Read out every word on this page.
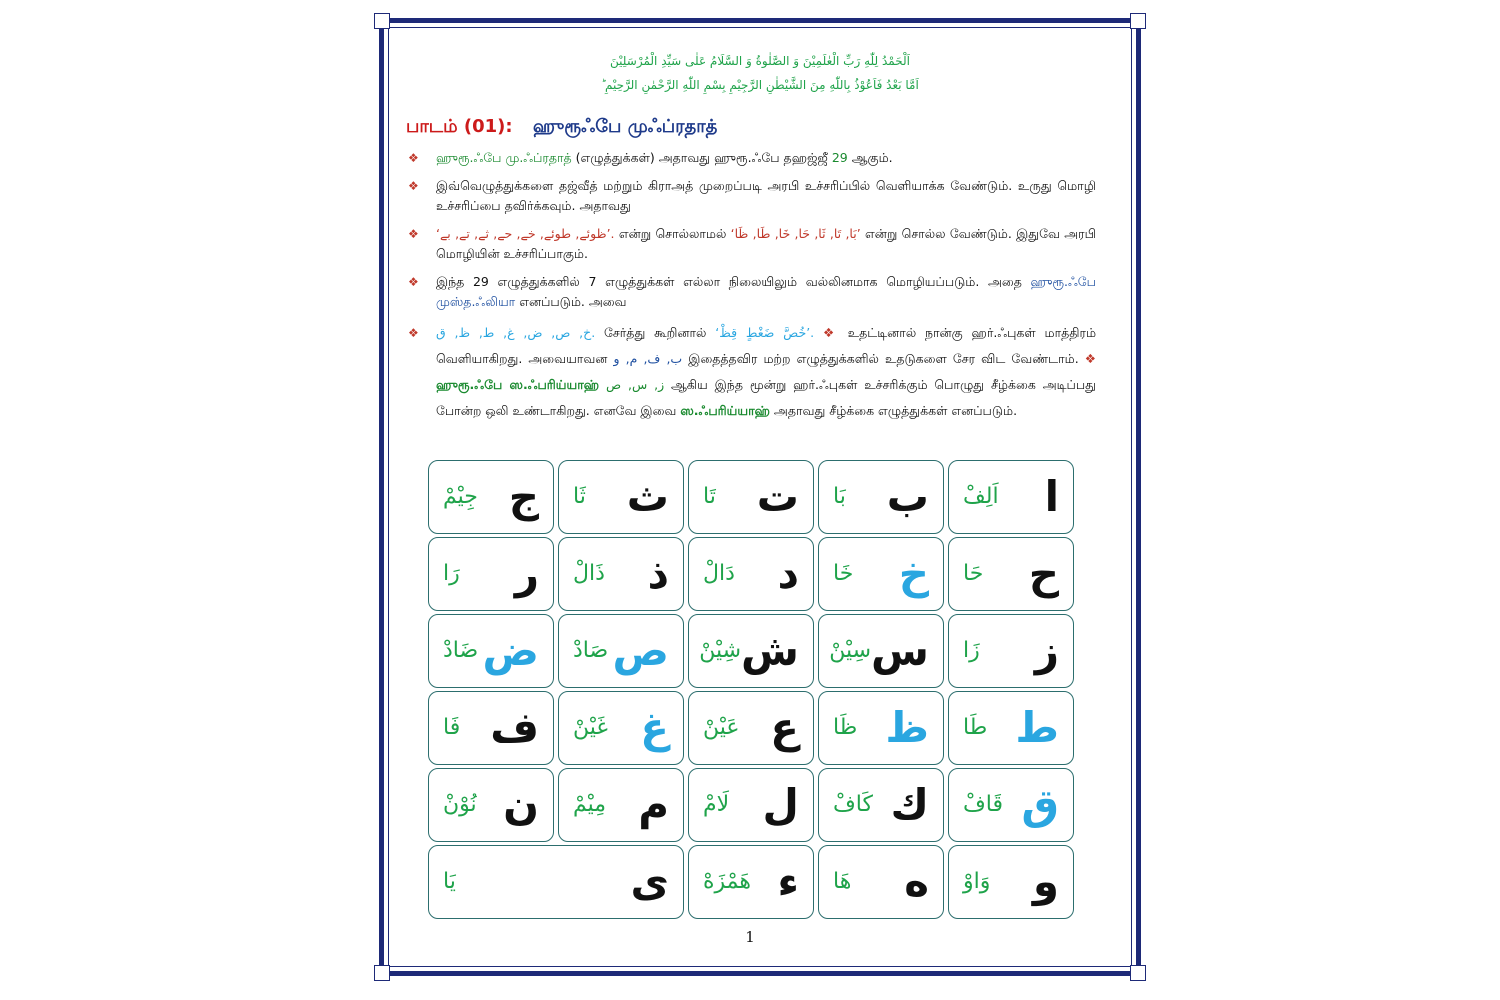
اَلْحَمْدُ لِلّٰهِ رَبِّ الْعٰلَمِيْنَ وَ الصَّلٰوةُ وَ السَّلَامُ عَلٰى سَيِّدِ الْمُرْسَلِيْنَ
اَمَّا بَعْدُ فَاَعُوْذُ بِاللّٰهِ مِنَ الشَّيْطٰنِ الرَّجِيْمِ بِسْمِ اللّٰهِ الرَّحْمٰنِ الرَّحِيْمِ ؕ
பாடம் (01): ஹுரூஃபே முஃப்ரதாத்
❖ ஹுரூ.ஃபே மு.ஃப்ரதாத் (எழுத்துக்கள்) அதாவது ஹுரூ.ஃபே தஹஜ்ஜீ 29 ஆகும்.
❖ இவ்வெழுத்துக்களை தஜ்வீத் மற்றும் கிராஅத் முறைப்படி அரபி உச்சரிப்பில் வெளியாக்க வேண்டும். உருது மொழி உச்சரிப்பை தவிர்க்கவும். அதாவது
❖ ‘ظوئے, طوئے, خے, حے, ثے, تے, بے’. என்று சொல்லாமல் ‘بَا, تَا, ثَا, حَا, خَا, طَا, ظَا’ என்று சொல்ல வேண்டும். இதுவே அரபி மொழியின் உச்சரிப்பாகும்.
❖ இந்த 29 எழுத்துக்களில் 7 எழுத்துக்கள் எல்லா நிலையிலும் வல்லினமாக மொழியப்படும். அதை ஹுரூ.ஃபே முஸ்த.ஃலியா எனப்படும். அவை
❖ خ, ص, ض, غ, ط, ظ, ق. சேர்த்து கூறினால் ‘خُصَّ ضَغْطٍ قِظْ’. ❖ உதட்டினால் நான்கு ஹர்.ஃபுகள் மாத்திரம் வெளியாகிறது. அவையாவன ب, ف, م, و இதைத்தவிர மற்ற எழுத்துக்களில் உதடுகளை சேர விட வேண்டாம். ❖ ஹுரூ.ஃபே ஸ.ஃபரிய்யாஹ் ز, س, ص ஆகிய இந்த மூன்று ஹர்.ஃபுகள் உச்சரிக்கும் பொழுது சீழ்க்கை அடிப்பது போன்ற ஒலி உண்டாகிறது. எனவே இவை ஸ.ஃபரிய்யாஹ் அதாவது சீழ்க்கை எழுத்துக்கள் எனப்படும்.
ا
اَلِفْ
ب
بَا
ت
تَا
ث
ثَا
ج
جِيْمْ
ح
حَا
خ
خَا
د
دَالْ
ذ
ذَالْ
ر
رَا
ز
زَا
س
سِيْنْ
ش
شِيْنْ
ص
صَادْ
ض
ضَادْ
ط
طَا
ظ
ظَا
ع
عَيْنْ
غ
غَيْنْ
ف
فَا
ق
قَافْ
ك
كَافْ
ل
لَامْ
م
مِيْمْ
ن
نُوْنْ
و
وَاوْ
ه
هَا
ء
هَمْزَهْ
ى
يَا
1
